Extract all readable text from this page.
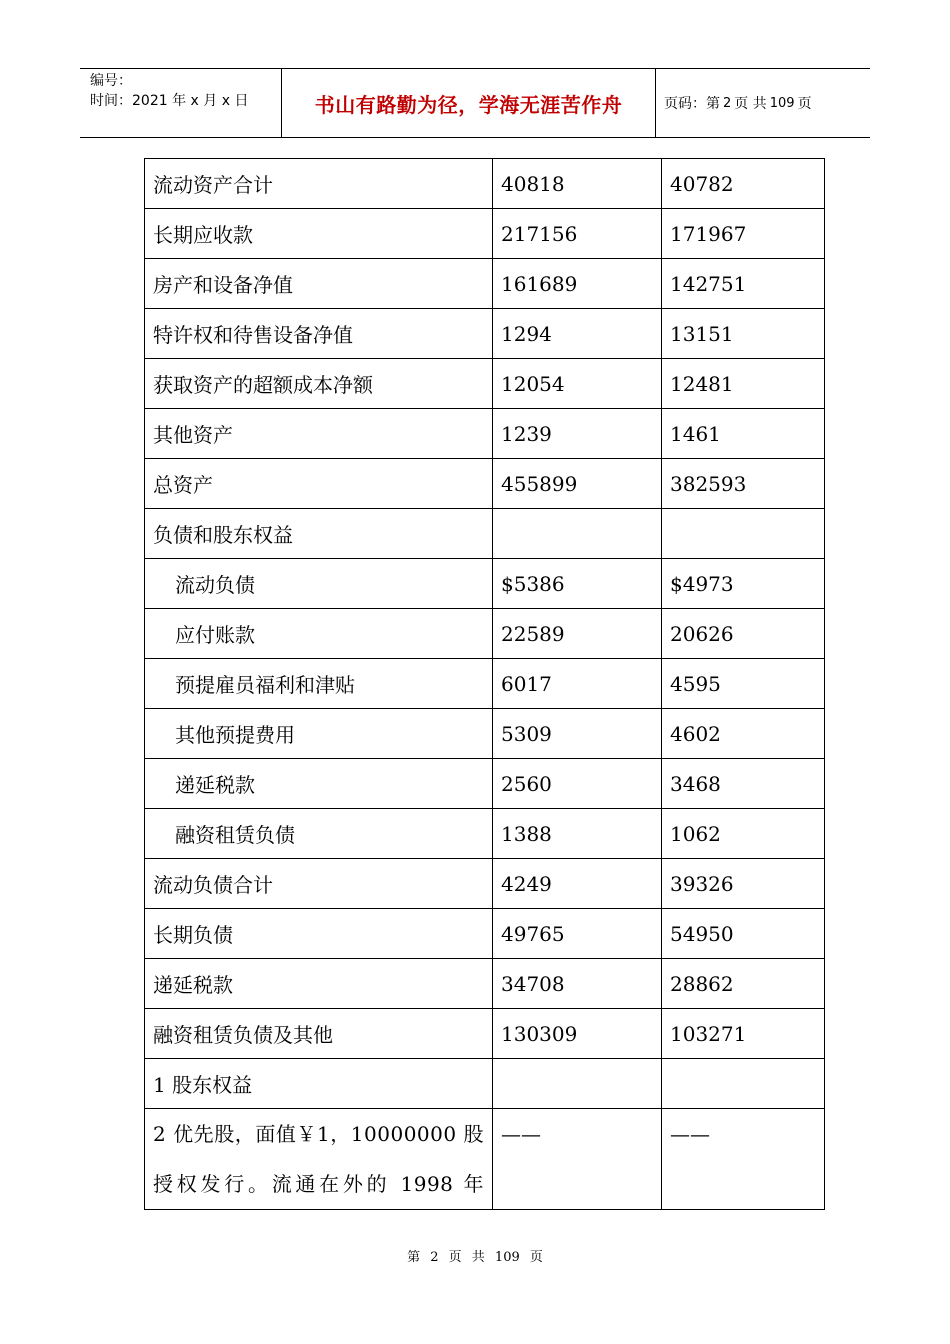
编号：
时间：2021 年 x 月 x 日	书山有路勤为径，学海无涯苦作舟	页码：第 2 页 共 109 页
流动资产合计	40818	40782
长期应收款	217156	171967
房产和设备净值	161689	142751
特许权和待售设备净值	1294	13151
获取资产的超额成本净额	12054	12481
其他资产	1239	1461
总资产	455899	382593
负债和股东权益		
流动负债	$5386	$4973
应付账款	22589	20626
预提雇员福利和津贴	6017	4595
其他预提费用	5309	4602
递延税款	2560	3468
融资租赁负债	1388	1062
流动负债合计	4249	39326
长期负债	49765	54950
递延税款	34708	28862
融资租赁负债及其他	130309	103271
1 股东权益		
2 优先股，面值￥1，10000000 股授权发行。流通在外的 1998 年	——	——
第 2 页 共 109 页
